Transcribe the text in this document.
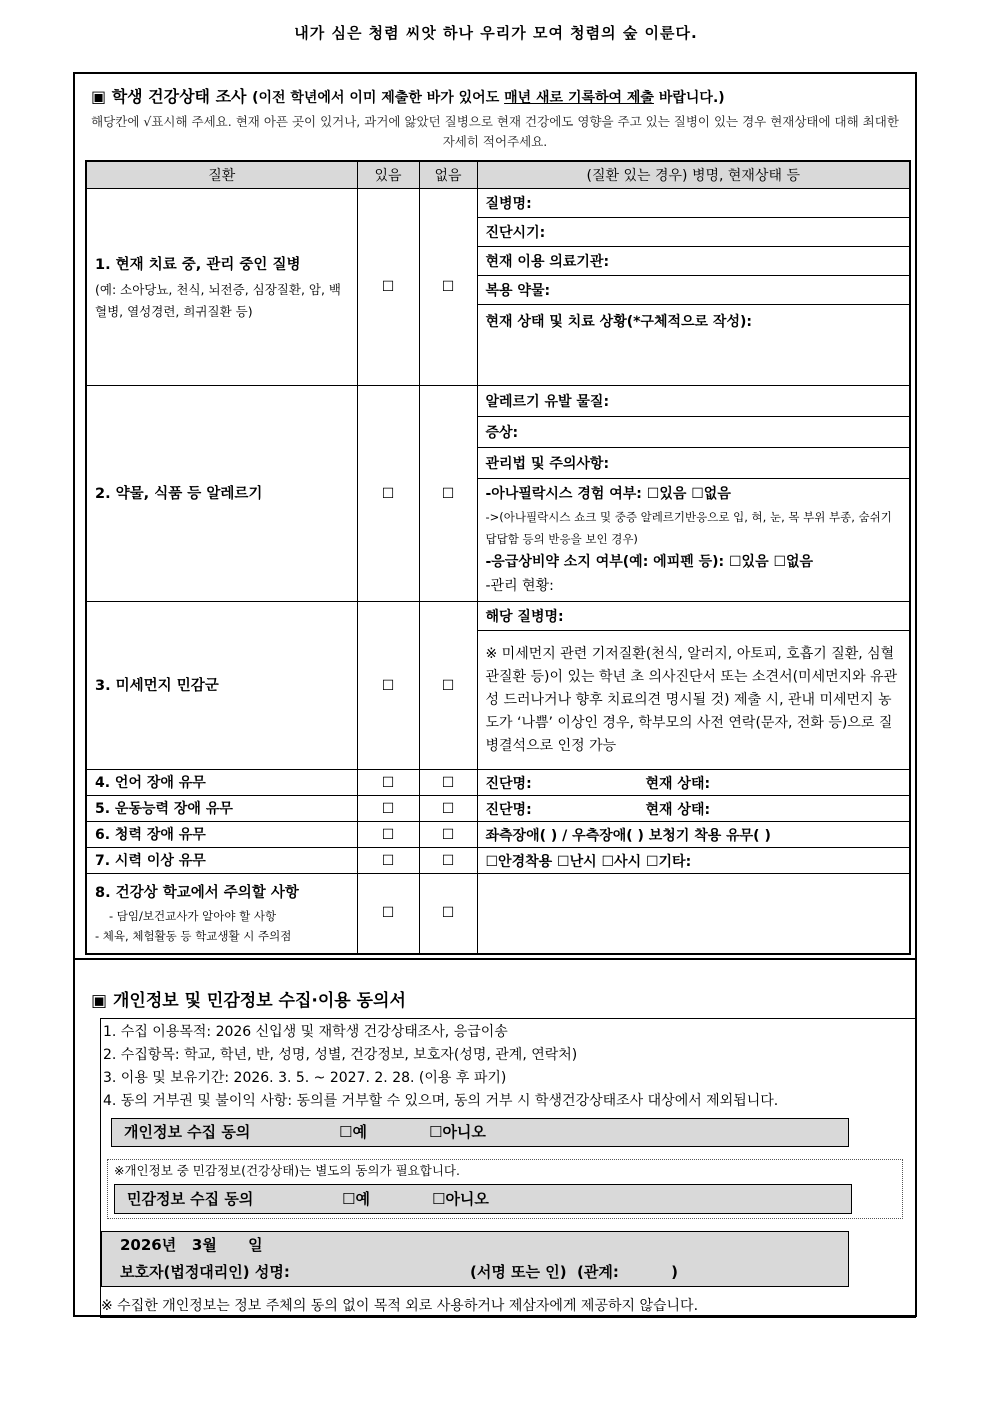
내가 심은 청렴 씨앗 하나 우리가 모여 청렴의 숲 이룬다.
▣ 학생 건강상태 조사 (이전 학년에서 이미 제출한 바가 있어도 매년 새로 기록하여 제출 바랍니다.)
해당칸에 √표시해 주세요. 현재 아픈 곳이 있거나, 과거에 앓았던 질병으로 현재 건강에도 영향을 주고 있는 질병이 있는 경우 현재상태에 대해 최대한 자세히 적어주세요.
질환	있음	없음	(질환 있는 경우) 병명, 현재상태 등

1. 현재 치료 중, 관리 중인 질병
(예: 소아당뇨, 천식, 뇌전증, 심장질환, 암, 백혈병, 열성경련, 희귀질환 등)	☐	☐	질병명:
			진단시기:
			현재 이용 의료기관:
			복용 약물:
			현재 상태 및 치료 상황(*구체적으로 작성):
2. 약물, 식품 등 알레르기	☐	☐	알레르기 유발 물질:
			증상:
			관리법 및 주의사항:

			-아나필락시스 경험 여부: ☐있음 ☐없음
->(아나필락시스 쇼크 및 중증 알레르기반응으로 입, 혀, 눈, 목 부위 부종, 숨쉬기 답답함 등의 반응을 보인 경우)
-응급상비약 소지 여부(예: 에피펜 등): ☐있음 ☐없음
-관리 현황:

3. 미세먼지 민감군	☐	☐	해당 질병명:
			※ 미세먼지 관련 기저질환(천식, 알러지, 아토피, 호흡기 질환, 심혈관질환 등)이 있는 학년 초 의사진단서 또는 소견서(미세먼지와 유관성 드러나거나 향후 치료의견 명시될 것) 제출 시, 관내 미세먼지 농도가 ‘나쁨’ 이상인 경우, 학부모의 사전 연락(문자, 전화 등)으로 질병결석으로 인정 가능
4. 언어 장애 유무	☐	☐	진단명: 현재 상태:
5. 운동능력 장애 유무	☐	☐	진단명: 현재 상태:
6. 청력 장애 유무	☐	☐	좌측장애( ) / 우측장애( ) 보청기 착용 유무( )
7. 시력 이상 유무	☐	☐	☐안경착용 ☐난시 ☐사시 ☐기타:

8. 건강상 학교에서 주의할 사항
- 담임/보건교사가 알아야 할 사항
- 체육, 체험활동 등 학교생활 시 주의점	☐	☐	
▣ 개인정보 및 민감정보 수집·이용 동의서
1. 수집 이용목적: 2026 신입생 및 재학생 건강상태조사, 응급이송
2. 수집항목: 학교, 학년, 반, 성명, 성별, 건강정보, 보호자(성명, 관계, 연락처)
3. 이용 및 보유기간: 2026. 3. 5. ~ 2027. 2. 28. (이용 후 파기)
4. 동의 거부권 및 불이익 사항: 동의를 거부할 수 있으며, 동의 거부 시 학생건강상태조사 대상에서 제외됩니다.
개인정보 수집 동의	☐예	☐아니오
※개인정보 중 민감정보(건강상태)는 별도의 동의가 필요합니다.
민감정보 수집 동의	☐예	☐아니오
2026년   3월      일
보호자(법정대리인) 성명:	(서명 또는 인)  (관계:          )
※ 수집한 개인정보는 정보 주체의 동의 없이 목적 외로 사용하거나 제삼자에게 제공하지 않습니다.
